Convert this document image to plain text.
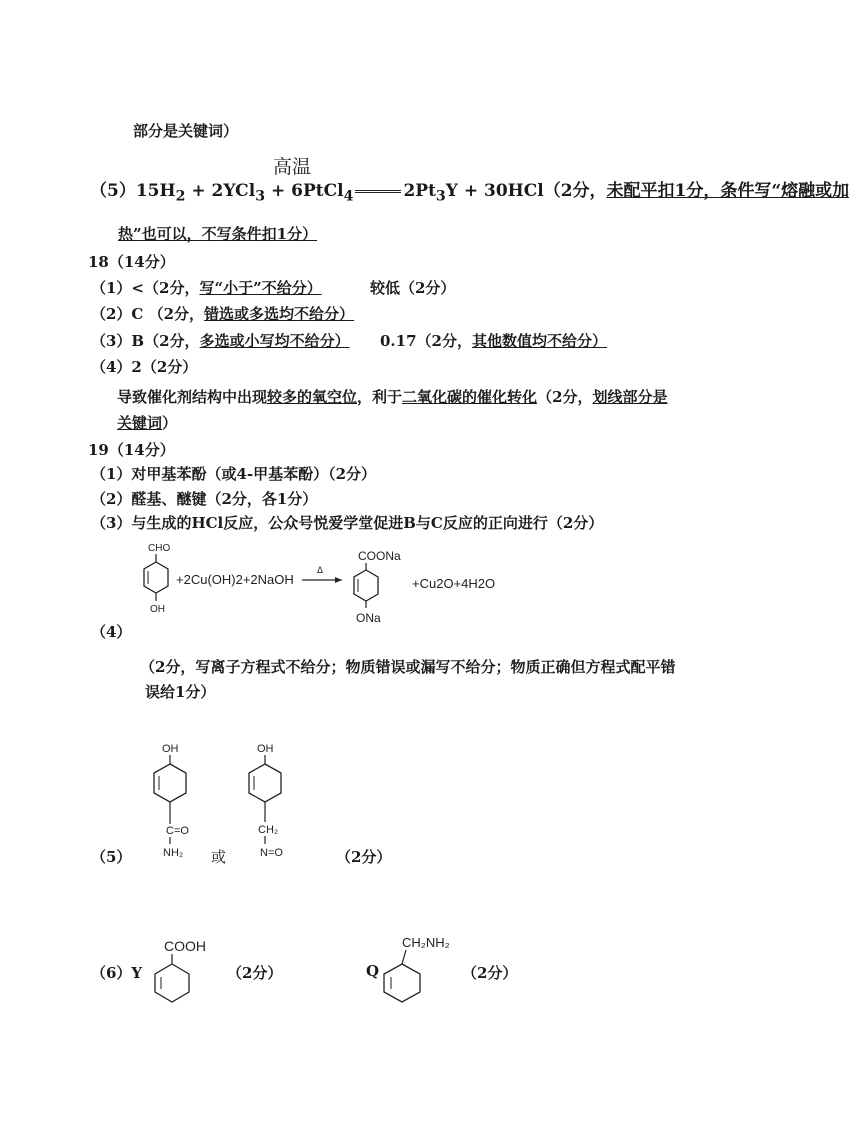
部分是关键词）
$(5)15H_2 + 2YCl_3$ + 6PtCl$_4$	$2Pt_3Y + 30HCl(2$分，未配平扣1分，条件写“熔融或加
高温
热”也可以，不写条件扣1分）
18（14分）
（1）<（2分，写“小于”不给分）	较低（2分）
（2）C （2分，错选或多选均不给分）
（3）B（2分，多选或小写均不给分） 0.17（2分，其他数值均不给分）
（4）2（2分）
导致催化剂结构中出现较多的氧空位，利于二氧化碳的催化转化（2分，划线部分是
关键词）
19（14分）
（1）对甲基苯酚（或4-甲基苯酚）（2分）
（2）醛基、醚键（2分，各1分）
（3）与生成的HCl反应，公众号悦爱学堂促进B与C反应的正向进行（2分）
CHO
OH
+2Cu(OH)2+2NaOH
Δ
COONa
ONa
+Cu2O+4H2O
（4）
（2分，写离子方程式不给分；物质错误或漏写不给分；物质正确但方程式配平错
误给1分）
OH
C=O
NH₂
OH
CH₂
N=O
（5）	或	（2分）
COOH	CH₂NH₂
（6）Y	（2分）	Q	（2分）
